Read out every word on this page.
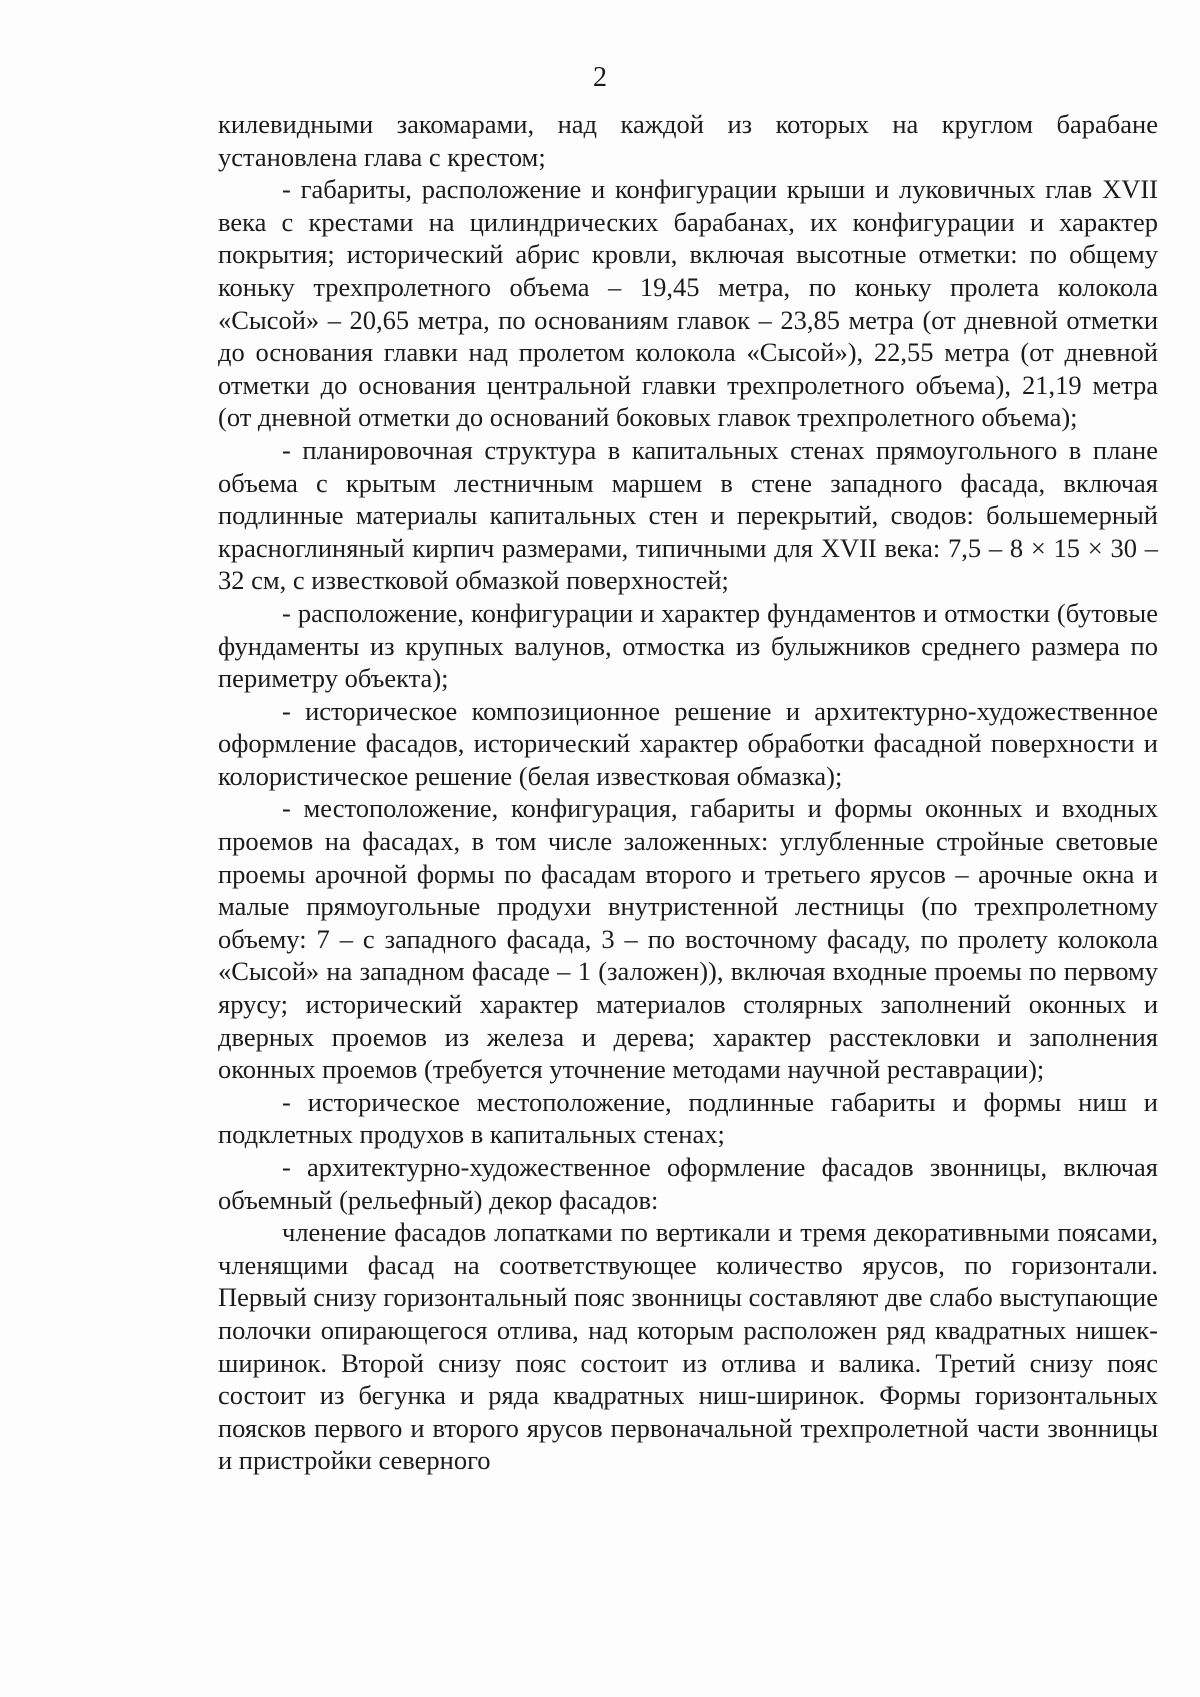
2

килевидными закомарами, над каждой из которых на круглом барабане установлена глава с крестом;

- габариты, расположение и конфигурации крыши и луковичных глав XVII века с крестами на цилиндрических барабанах, их конфигурации и характер покрытия; исторический абрис кровли, включая высотные отметки: по общему коньку трехпролетного объема – 19,45 метра, по коньку пролета колокола «Сысой» – 20,65 метра, по основаниям главок – 23,85 метра (от дневной отметки до основания главки над пролетом колокола «Сысой»), 22,55 метра (от дневной отметки до основания центральной главки трехпролетного объема), 21,19 метра (от дневной отметки до оснований боковых главок трехпролетного объема);

- планировочная структура в капитальных стенах прямоугольного в плане объема с крытым лестничным маршем в стене западного фасада, включая подлинные материалы капитальных стен и перекрытий, сводов: большемерный красноглиняный кирпич размерами, типичными для XVII века: 7,5 – 8 × 15 × 30 – 32 см, с известковой обмазкой поверхностей;

- расположение, конфигурации и характер фундаментов и отмостки (бутовые фундаменты из крупных валунов, отмостка из булыжников среднего размера по периметру объекта);

- историческое композиционное решение и архитектурно-художественное оформление фасадов, исторический характер обработки фасадной поверхности и колористическое решение (белая известковая обмазка);

- местоположение, конфигурация, габариты и формы оконных и входных проемов на фасадах, в том числе заложенных: углубленные стройные световые проемы арочной формы по фасадам второго и третьего ярусов – арочные окна и малые прямоугольные продухи внутристенной лестницы (по трехпролетному объему: 7 – с западного фасада, 3 – по восточному фасаду, по пролету колокола «Сысой» на западном фасаде – 1 (заложен)), включая входные проемы по первому ярусу; исторический характер материалов столярных заполнений оконных и дверных проемов из железа и дерева; характер расстекловки и заполнения оконных проемов (требуется уточнение методами научной реставрации);

- историческое местоположение, подлинные габариты и формы ниш и подклетных продухов в капитальных стенах;

- архитектурно-художественное оформление фасадов звонницы, включая объемный (рельефный) декор фасадов:

членение фасадов лопатками по вертикали и тремя декоративными поясами, членящими фасад на соответствующее количество ярусов, по горизонтали. Первый снизу горизонтальный пояс звонницы составляют две слабо выступающие полочки опирающегося отлива, над которым расположен ряд квадратных нишек-ширинок. Второй снизу пояс состоит из отлива и валика. Третий снизу пояс состоит из бегунка и ряда квадратных ниш-ширинок. Формы горизонтальных поясков первого и второго ярусов первоначальной трехпролетной части звонницы и пристройки северного
